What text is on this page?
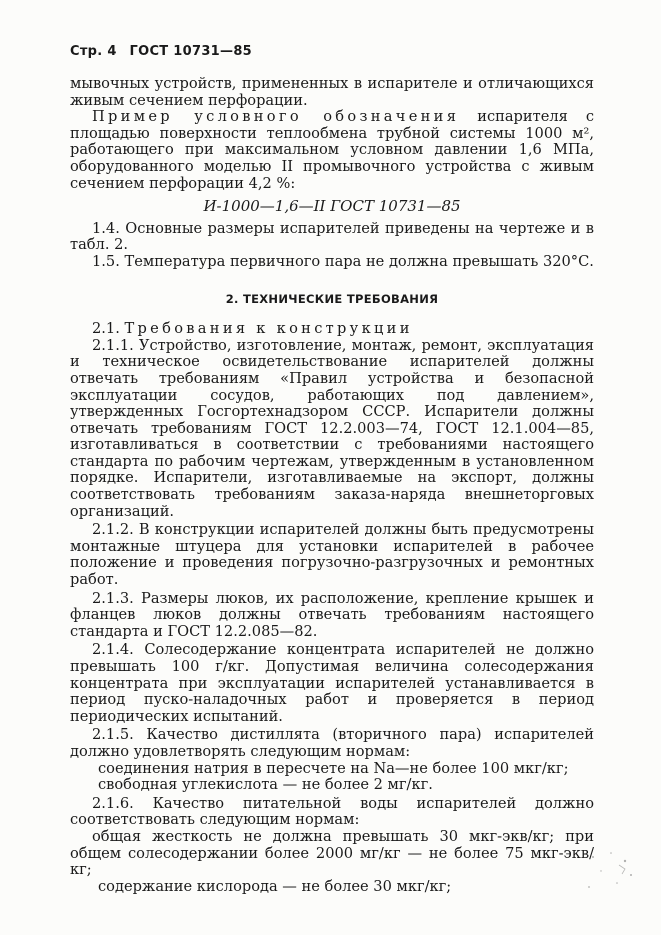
Стр. 4 ГОСТ 10731—85

мывочных устройств, примененных в испарителе и отличающихся живым сечением перфорации.

Пример условного обозначения испарителя с площадью поверхности теплообмена трубной системы 1000 м², работающего при максимальном условном давлении 1,6 МПа, оборудованного моделью II промывочного устройства с живым сечением перфорации 4,2 %:

И-1000—1,6—II ГОСТ 10731—85

1.4. Основные размеры испарителей приведены на чертеже и в табл. 2.

1.5. Температура первичного пара не должна превышать 320°С.

2. ТЕХНИЧЕСКИЕ ТРЕБОВАНИЯ

2.1. Требования к конструкции

2.1.1. Устройство, изготовление, монтаж, ремонт, эксплуатация и техническое освидетельствование испарителей должны отвечать требованиям «Правил устройства и безопасной эксплуатации сосудов, работающих под давлением», утвержденных Госгортехнадзором СССР. Испарители должны отвечать требованиям ГОСТ 12.2.003—74, ГОСТ 12.1.004—85, изготавливаться в соответствии с требованиями настоящего стандарта по рабочим чертежам, утвержденным в установленном порядке. Испарители, изготавливаемые на экспорт, должны соответствовать требованиям заказа-наряда внешнеторговых организаций.

2.1.2. В конструкции испарителей должны быть предусмотрены монтажные штуцера для установки испарителей в рабочее положение и проведения погрузочно-разгрузочных и ремонтных работ.

2.1.3. Размеры люков, их расположение, крепление крышек и фланцев люков должны отвечать требованиям настоящего стандарта и ГОСТ 12.2.085—82.

2.1.4. Солесодержание концентрата испарителей не должно превышать 100 г/кг. Допустимая величина солесодержания концентрата при эксплуатации испарителей устанавливается в период пуско-наладочных работ и проверяется в период периодических испытаний.

2.1.5. Качество дистиллята (вторичного пара) испарителей должно удовлетворять следующим нормам:

соединения натрия в пересчете на Na—не более 100 мкг/кг;

свободная углекислота — не более 2 мг/кг.

2.1.6. Качество питательной воды испарителей должно соответствовать следующим нормам:

общая жесткость не должна превышать 30 мкг-экв/кг; при общем солесодержании более 2000 мг/кг — не более 75 мкг-экв/кг;

содержание кислорода — не более 30 мкг/кг;
